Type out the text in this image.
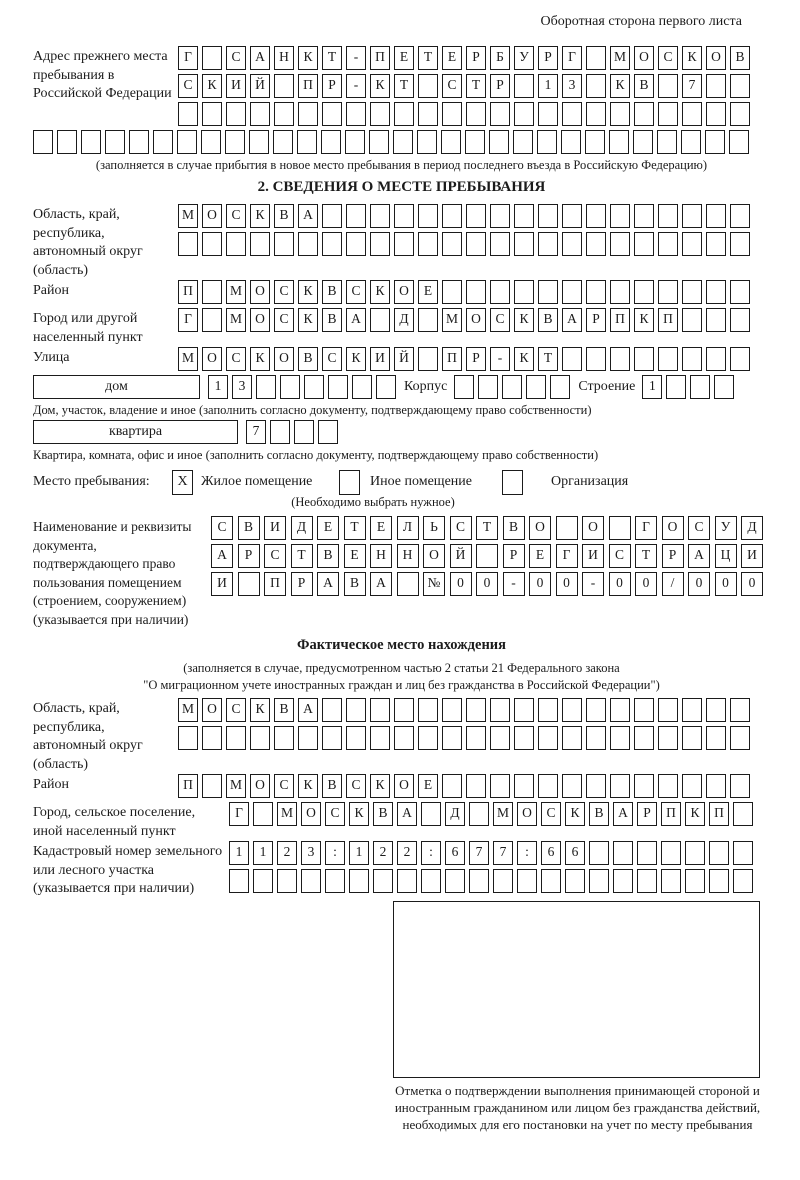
Оборотная сторона первого листа
Адрес прежнего места пребывания в Российской Федерации
Г	С А Н К Т - П Е Т Е Р Б У Р Г	М О С К О В
С К И Й	П Р - К Т	С Т Р	1 3	К В	7
(заполняется в случае прибытия в новое место пребывания в период последнего въезда в Российскую Федерацию)
2. СВЕДЕНИЯ О МЕСТЕ ПРЕБЫВАНИЯ
Область, край, республика, автономный округ (область)
М О С К В А
Район	П	М О С К В С К О Е
Город или другой населенный пункт
Г	М О С К В А	Д	М О С К В А Р П К П
Улица	М О С К О В С К И Й	П Р - К Т
дом	1 3	Корпус	Строение	1
Дом, участок, владение и иное (заполнить согласно документу, подтверждающему право собственности)
квартира	7
Квартира, комната, офис и иное (заполнить согласно документу, подтверждающему право собственности)
Место пребывания:	X Жилое помещение	Иное помещение	Организация
(Необходимо выбрать нужное)
Наименование и реквизиты документа, подтверждающего право пользования помещением (строением, сооружением) (указывается при наличии)
С В И Д Е Т Е Л Ь С Т В О	О	Г О С У Д
А Р С Т В Е Н Н О Й	Р Е Г И С Т Р А Ц И
И	П Р А В А	№ 0 0 - 0 0 - 0 0 / 0 0 0
Фактическое место нахождения
(заполняется в случае, предусмотренном частью 2 статьи 21 Федерального закона
"О миграционном учете иностранных граждан и лиц без гражданства в Российской Федерации")
Область, край, республика, автономный округ (область)
М О С К В А
Район	П	М О С К В С К О Е
Город, сельское поселение, иной населенный пункт
Г	М О С К В А	Д	М О С К В А Р П К П
Кадастровый номер земельного или лесного участка (указывается при наличии)
1 1 2 3 : 1 2 2 : 6 7 7 : 6 6
Отметка о подтверждении выполнения принимающей стороной и иностранным гражданином или лицом без гражданства действий, необходимых для его постановки на учет по месту пребывания
